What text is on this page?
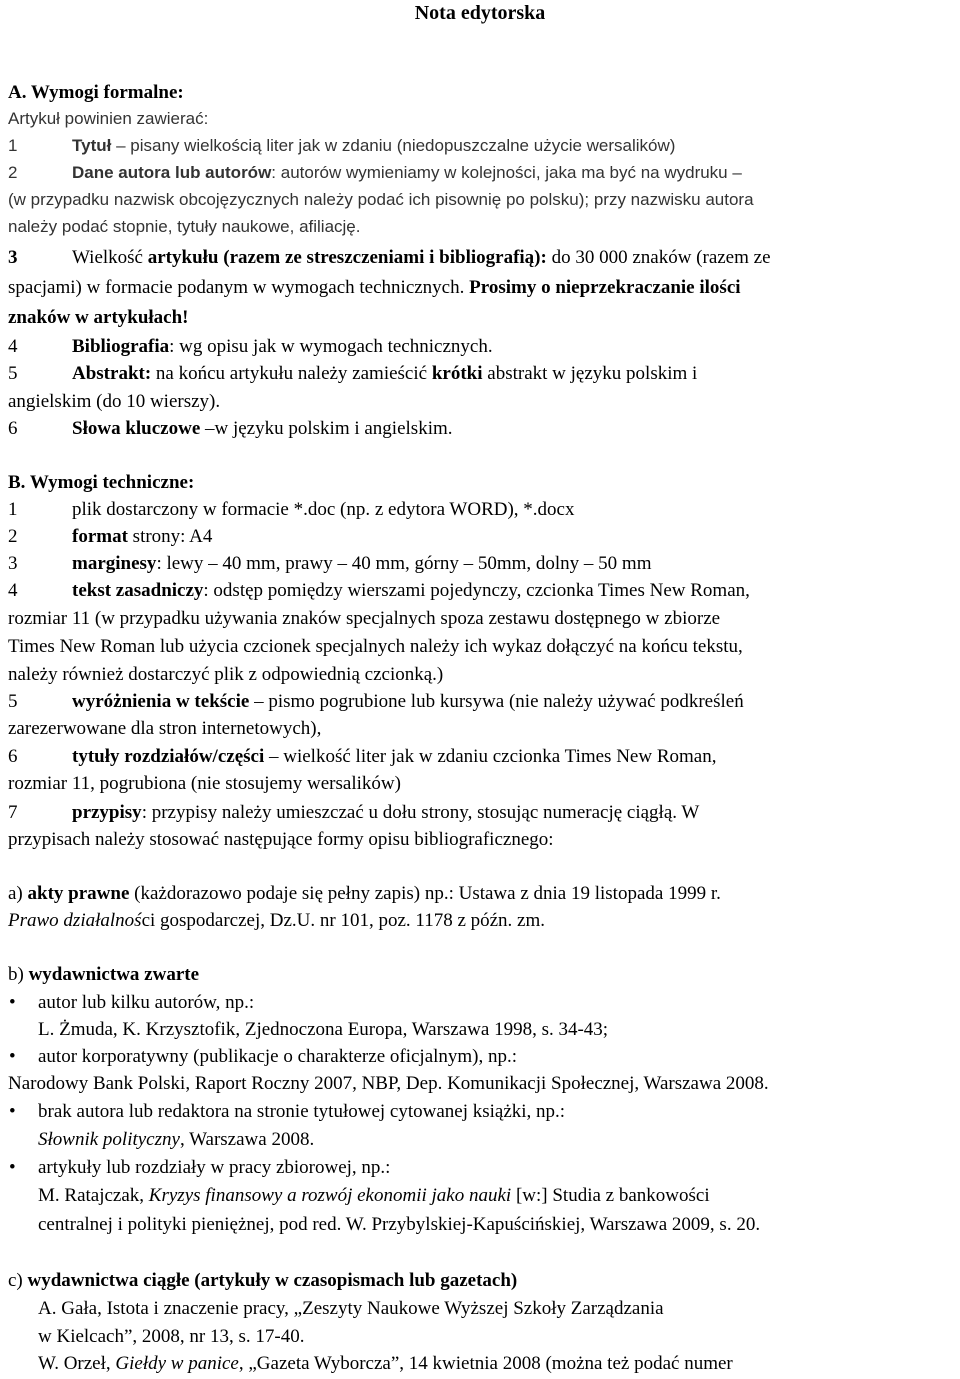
Nota edytorska
A. Wymogi formalne:
Artykuł powinien zawierać:
1	Tytuł – pisany wielkością liter jak w zdaniu (niedopuszczalne użycie wersalików)
2	Dane autora lub autorów: autorów wymieniamy w kolejności, jaka ma być na wydruku –
(w przypadku nazwisk obcojęzycznych należy podać ich pisownię po polsku); przy nazwisku autora
należy podać stopnie, tytuły naukowe, afiliację.
3	Wielkość artykułu (razem ze streszczeniami i bibliografią): do 30 000 znaków (razem ze
spacjami) w formacie podanym w wymogach technicznych. Prosimy o nieprzekraczanie ilości
znaków w artykułach!
4	Bibliografia: wg opisu jak w wymogach technicznych.
5	Abstrakt: na końcu artykułu należy zamieścić krótki abstrakt w języku polskim i
angielskim (do 10 wierszy).
6	Słowa kluczowe –w języku polskim i angielskim.
B. Wymogi techniczne:
1	plik dostarczony w formacie *.doc (np. z edytora WORD), *.docx
2	format strony: A4
3	marginesy: lewy – 40 mm, prawy – 40 mm, górny – 50mm, dolny – 50 mm
4	tekst zasadniczy: odstęp pomiędzy wierszami pojedynczy, czcionka Times New Roman,
rozmiar 11 (w przypadku używania znaków specjalnych spoza zestawu dostępnego w zbiorze
Times New Roman lub użycia czcionek specjalnych należy ich wykaz dołączyć na końcu tekstu,
należy również dostarczyć plik z odpowiednią czcionką.)
5	wyróżnienia w tekście – pismo pogrubione lub kursywa (nie należy używać podkreśleń
zarezerwowane dla stron internetowych),
6	tytuły rozdziałów/części – wielkość liter jak w zdaniu czcionka Times New Roman,
rozmiar 11, pogrubiona (nie stosujemy wersalików)
7	przypisy: przypisy należy umieszczać u dołu strony, stosując numerację ciągłą. W
przypisach należy stosować następujące formy opisu bibliograficznego:
a) akty prawne (każdorazowo podaje się pełny zapis) np.: Ustawa z dnia 19 listopada 1999 r.
Prawo działalności gospodarczej, Dz.U. nr 101, poz. 1178 z późn. zm.
b) wydawnictwa zwarte
• autor lub kilku autorów, np.:
L. Żmuda, K. Krzysztofik, Zjednoczona Europa, Warszawa 1998, s. 34-43;
• autor korporatywny (publikacje o charakterze oficjalnym), np.:
Narodowy Bank Polski, Raport Roczny 2007, NBP, Dep. Komunikacji Społecznej, Warszawa 2008.
• brak autora lub redaktora na stronie tytułowej cytowanej książki, np.:
Słownik polityczny, Warszawa 2008.
• artykuły lub rozdziały w pracy zbiorowej, np.:
M. Ratajczak, Kryzys finansowy a rozwój ekonomii jako nauki [w:] Studia z bankowości
centralnej i polityki pieniężnej, pod red. W. Przybylskiej-Kapuścińskiej, Warszawa 2009, s. 20.
c) wydawnictwa ciągłe (artykuły w czasopismach lub gazetach)
A. Gała, Istota i znaczenie pracy, „Zeszyty Naukowe Wyższej Szkoły Zarządzania
w Kielcach”, 2008, nr 13, s. 17-40.
W. Orzeł, Giełdy w panice, „Gazeta Wyborcza”, 14 kwietnia 2008 (można też podać numer
